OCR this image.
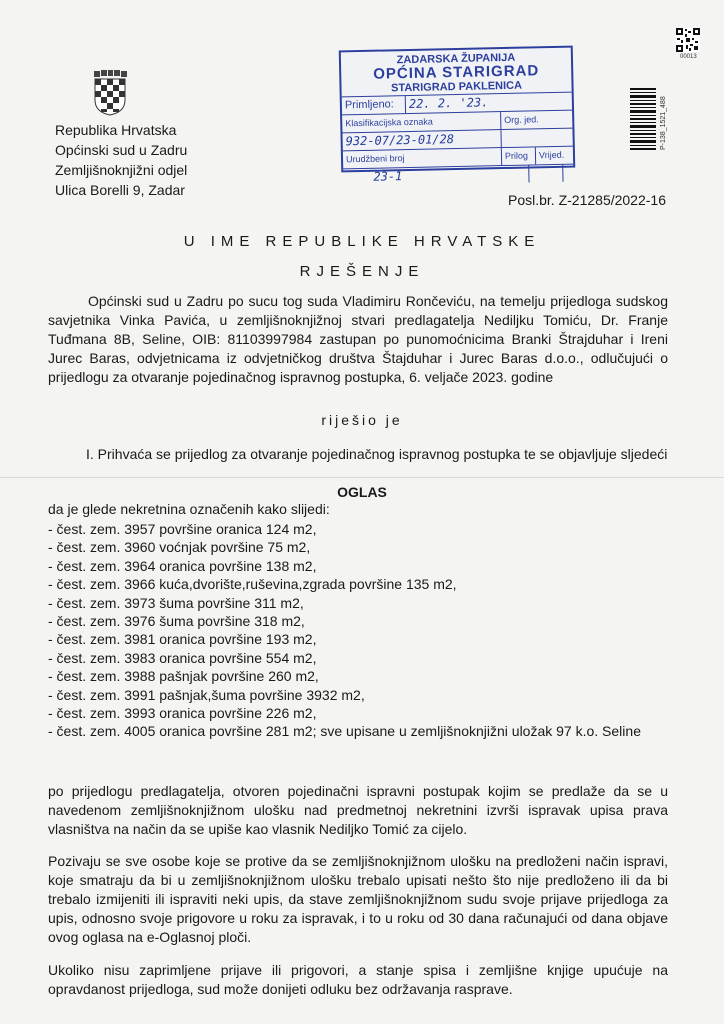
Republika Hrvatska
Općinski sud u Zadru
Zemljišnoknjižni odjel
Ulica Borelli 9, Zadar
ZADARSKA ŽUPANIJA
OPĆINA STARIGRAD
STARIGRAD PAKLENICA
Primljeno:	22. 2. '23.
Klasifikacijska oznaka	Org. jed.
932-07/23-01/28
Urudžbeni broj	Prilog	Vrijed.
23-1
00013
P-138_1521_488
Posl.br. Z-21285/2022-16
U IME REPUBLIKE HRVATSKE
RJEŠENJE
Općinski sud u Zadru po sucu tog suda Vladimiru Rončeviću, na temelju prijedloga sudskog savjetnika Vinka Pavića, u zemljišnoknjižnoj stvari predlagatelja Nediljku Tomiću, Dr. Franje Tuđmana 8B, Seline, OIB: 81103997984 zastupan po punomoćnicima Branki Štrajduhar i Ireni Jurec Baras, odvjetnicama iz odvjetničkog društva Štajduhar i Jurec Baras d.o.o., odlučujući o prijedlogu za otvaranje pojedinačnog ispravnog postupka, 6. veljače 2023. godine
riješio je
I. Prihvaća se prijedlog za otvaranje pojedinačnog ispravnog postupka te se objavljuje sljedeći
OGLAS
da je glede nekretnina označenih kako slijedi:
- čest. zem. 3957 površine oranica 124 m2,
- čest. zem. 3960 voćnjak površine 75 m2,
- čest. zem. 3964 oranica površine 138 m2,
- čest. zem. 3966 kuća,dvorište,ruševina,zgrada površine 135 m2,
- čest. zem. 3973 šuma površine 311 m2,
- čest. zem. 3976 šuma površine 318 m2,
- čest. zem. 3981 oranica površine 193 m2,
- čest. zem. 3983 oranica površine 554 m2,
- čest. zem. 3988 pašnjak površine 260 m2,
- čest. zem. 3991 pašnjak,šuma površine 3932 m2,
- čest. zem. 3993 oranica površine 226 m2,
- čest. zem. 4005 oranica površine 281 m2; sve upisane u zemljišnoknjižni uložak 97 k.o. Seline
po prijedlogu predlagatelja, otvoren pojedinačni ispravni postupak kojim se predlaže da se u navedenom zemljišnoknjižnom ulošku nad predmetnoj nekretnini izvrši ispravak upisa prava vlasništva na način da se upiše kao vlasnik Nediljko Tomić za cijelo.
Pozivaju se sve osobe koje se protive da se zemljišnoknjižnom ulošku na predloženi način ispravi, koje smatraju da bi u zemljišnoknjižnom ulošku trebalo upisati nešto što nije predloženo ili da bi trebalo izmijeniti ili ispraviti neki upis, da stave zemljišnoknjižnom sudu svoje prijave prijedloga za upis, odnosno svoje prigovore u roku za ispravak, i to u roku od 30 dana računajući od dana objave ovog oglasa na e-Oglasnoj ploči.
Ukoliko nisu zaprimljene prijave ili prigovori, a stanje spisa i zemljišne knjige upućuje na opravdanost prijedloga, sud može donijeti odluku bez održavanja rasprave.
